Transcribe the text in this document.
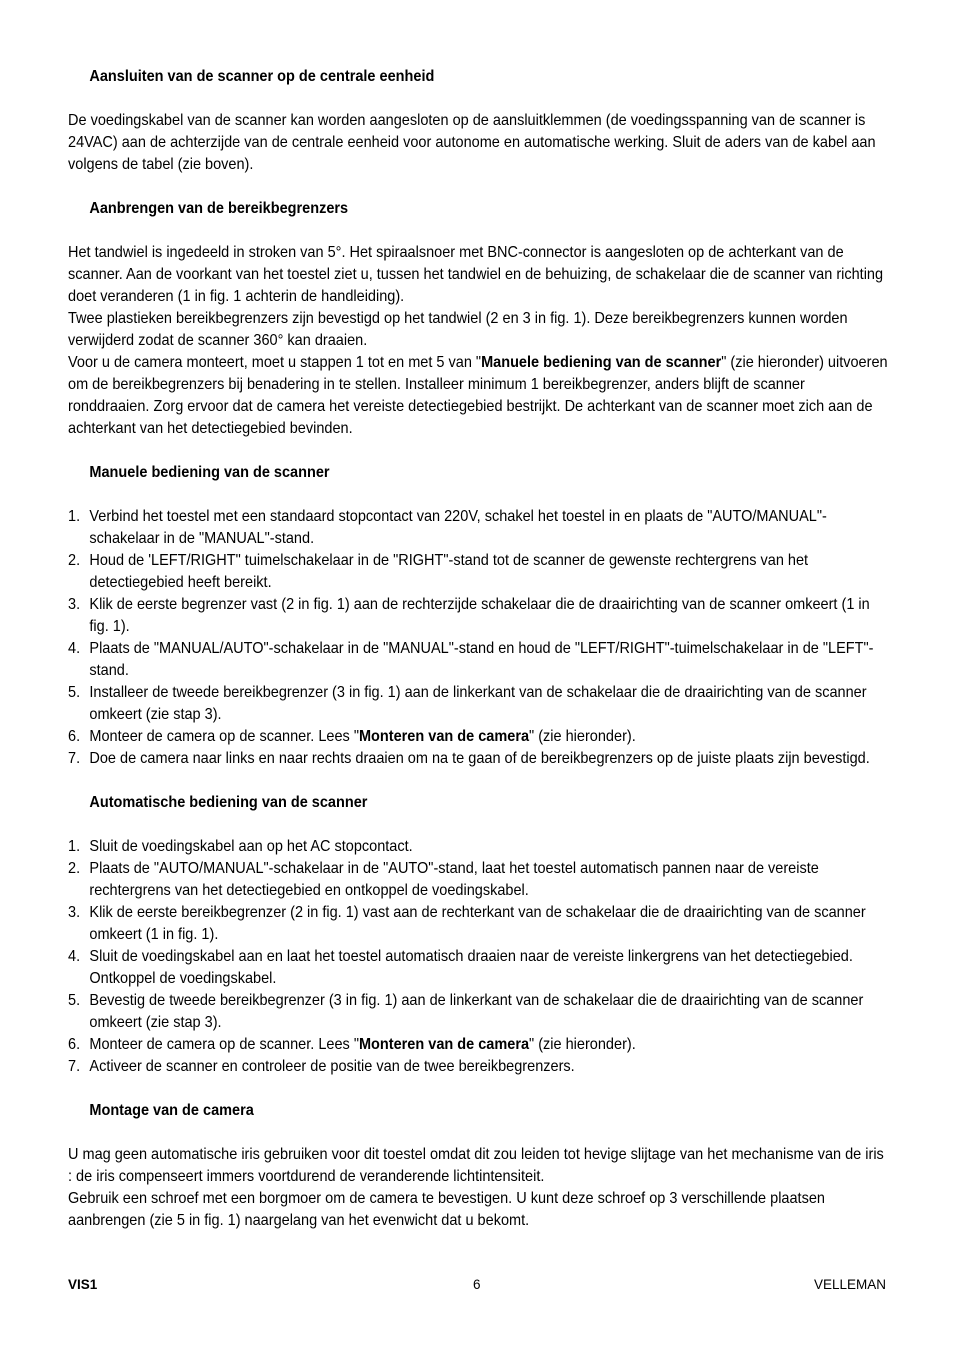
Aansluiten van de scanner op de centrale eenheid

De voedingskabel van de scanner kan worden aangesloten op de aansluitklemmen (de voedingsspanning van de scanner is 24VAC) aan de achterzijde van de centrale eenheid voor autonome en automatische werking. Sluit de aders van de kabel aan volgens de tabel (zie boven).

Aanbrengen van de bereikbegrenzers

Het tandwiel is ingedeeld in stroken van 5°. Het spiraalsnoer met BNC-connector is aangesloten op de achterkant van de scanner. Aan de voorkant van het toestel ziet u, tussen het tandwiel en de behuizing, de schakelaar die de scanner van richting doet veranderen (1 in fig. 1 achterin de handleiding).

Twee plastieken bereikbegrenzers zijn bevestigd op het tandwiel (2 en 3 in fig. 1). Deze bereikbegrenzers kunnen worden verwijderd zodat de scanner 360° kan draaien.

Voor u de camera monteert, moet u stappen 1 tot en met 5 van "Manuele bediening van de scanner" (zie hieronder) uitvoeren om de bereikbegrenzers bij benadering in te stellen. Installeer minimum 1 bereikbegrenzer, anders blijft de scanner ronddraaien. Zorg ervoor dat de camera het vereiste detectiegebied bestrijkt. De achterkant van de scanner moet zich aan de achterkant van het detectiegebied bevinden.

Manuele bediening van de scanner
1. Verbind het toestel met een standaard stopcontact van 220V, schakel het toestel in en plaats de "AUTO/MANUAL"-schakelaar in de "MANUAL"-stand.
2. Houd de 'LEFT/RIGHT" tuimelschakelaar in de "RIGHT"-stand tot de scanner de gewenste rechtergrens van het detectiegebied heeft bereikt.
3. Klik de eerste begrenzer vast (2 in fig. 1) aan de rechterzijde schakelaar die de draairichting van de scanner omkeert (1 in fig. 1).
4. Plaats de "MANUAL/AUTO"-schakelaar in de "MANUAL"-stand en houd de "LEFT/RIGHT"-tuimelschakelaar in de "LEFT"-stand.
5. Installeer de tweede bereikbegrenzer (3 in fig. 1) aan de linkerkant van de schakelaar die de draairichting van de scanner omkeert (zie stap 3).
6. Monteer de camera op de scanner. Lees "Monteren van de camera" (zie hieronder).
7. Doe de camera naar links en naar rechts draaien om na te gaan of de bereikbegrenzers op de juiste plaats zijn bevestigd.
Automatische bediening van de scanner
1. Sluit de voedingskabel aan op het AC stopcontact.
2. Plaats de "AUTO/MANUAL"-schakelaar in de "AUTO"-stand, laat het toestel automatisch pannen naar de vereiste rechtergrens van het detectiegebied en ontkoppel de voedingskabel.
3. Klik de eerste bereikbegrenzer (2 in fig. 1) vast aan de rechterkant van de schakelaar die de draairichting van de scanner omkeert (1 in fig. 1).
4. Sluit de voedingskabel aan en laat het toestel automatisch draaien naar de vereiste linkergrens van het detectiegebied. Ontkoppel de voedingskabel.
5. Bevestig de tweede bereikbegrenzer (3 in fig. 1) aan de linkerkant van de schakelaar die de draairichting van de scanner omkeert (zie stap 3).
6. Monteer de camera op de scanner. Lees "Monteren van de camera" (zie hieronder).
7. Activeer de scanner en controleer de positie van de twee bereikbegrenzers.
Montage van de camera

U mag geen automatische iris gebruiken voor dit toestel omdat dit zou leiden tot hevige slijtage van het mechanisme van de iris : de iris compenseert immers voortdurend de veranderende lichtintensiteit.

Gebruik een schroef met een borgmoer om de camera te bevestigen. U kunt deze schroef op 3 verschillende plaatsen aanbrengen (zie 5 in fig. 1) naargelang van het evenwicht dat u bekomt.

VIS1	6	VELLEMAN
